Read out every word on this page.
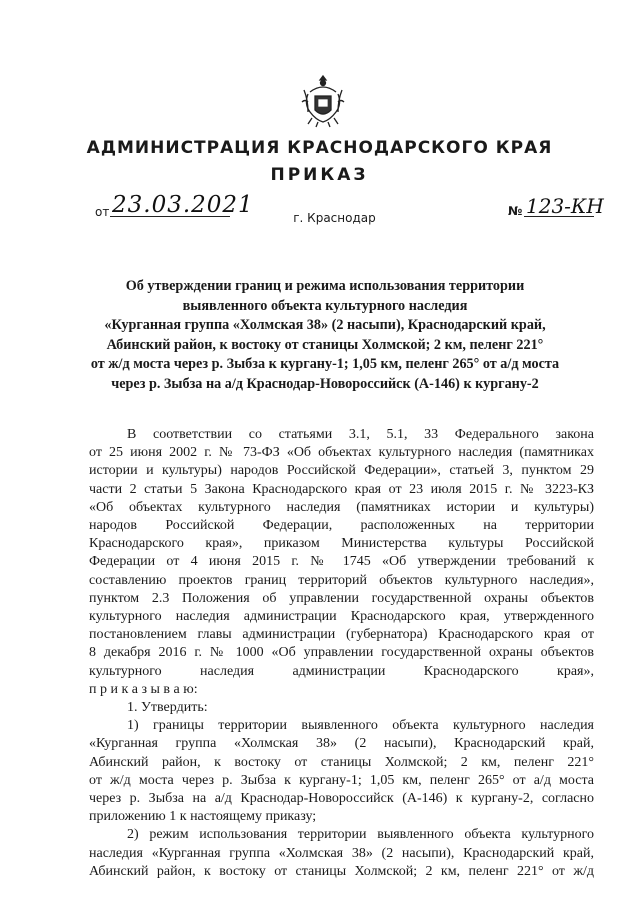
АДМИНИСТРАЦИЯ КРАСНОДАРСКОГО КРАЯ
ПРИКАЗ
от 23.03.2021	г. Краснодар	№ 123-КН
Об утверждении границ и режима использования территории
выявленного объекта культурного наследия
«Курганная группа «Холмская 38» (2 насыпи), Краснодарский край,
Абинский район, к востоку от станицы Холмской; 2 км, пеленг 221°
от ж/д моста через р. Зыбза к кургану-1; 1,05 км, пеленг 265° от а/д моста
через р. Зыбза на а/д Краснодар-Новороссийск (А-146) к кургану-2
В соответствии со статьями 3.1, 5.1, 33 Федерального закона
от 25 июня 2002 г. № 73-ФЗ «Об объектах культурного наследия (памятниках
истории и культуры) народов Российской Федерации», статьей 3, пунктом 29
части 2 статьи 5 Закона Краснодарского края от 23 июля 2015 г. № 3223-КЗ
«Об объектах культурного наследия (памятниках истории и культуры)
народов Российской Федерации, расположенных на территории
Краснодарского края», приказом Министерства культуры Российской
Федерации от 4 июня 2015 г. № 1745 «Об утверждении требований к
составлению проектов границ территорий объектов культурного наследия»,
пунктом 2.3 Положения об управлении государственной охраны объектов
культурного наследия администрации Краснодарского края, утвержденного
постановлением главы администрации (губернатора) Краснодарского края от
8 декабря 2016 г. № 1000 «Об управлении государственной охраны объектов
культурного наследия администрации Краснодарского края»,
п р и к а з ы в а ю:
1. Утвердить:
1) границы территории выявленного объекта культурного наследия
«Курганная группа «Холмская 38» (2 насыпи), Краснодарский край,
Абинский район, к востоку от станицы Холмской; 2 км, пеленг 221°
от ж/д моста через р. Зыбза к кургану-1; 1,05 км, пеленг 265° от а/д моста
через р. Зыбза на а/д Краснодар-Новороссийск (А-146) к кургану-2, согласно
приложению 1 к настоящему приказу;
2) режим использования территории выявленного объекта культурного
наследия «Курганная группа «Холмская 38» (2 насыпи), Краснодарский край,
Абинский район, к востоку от станицы Холмской; 2 км, пеленг 221° от ж/д
